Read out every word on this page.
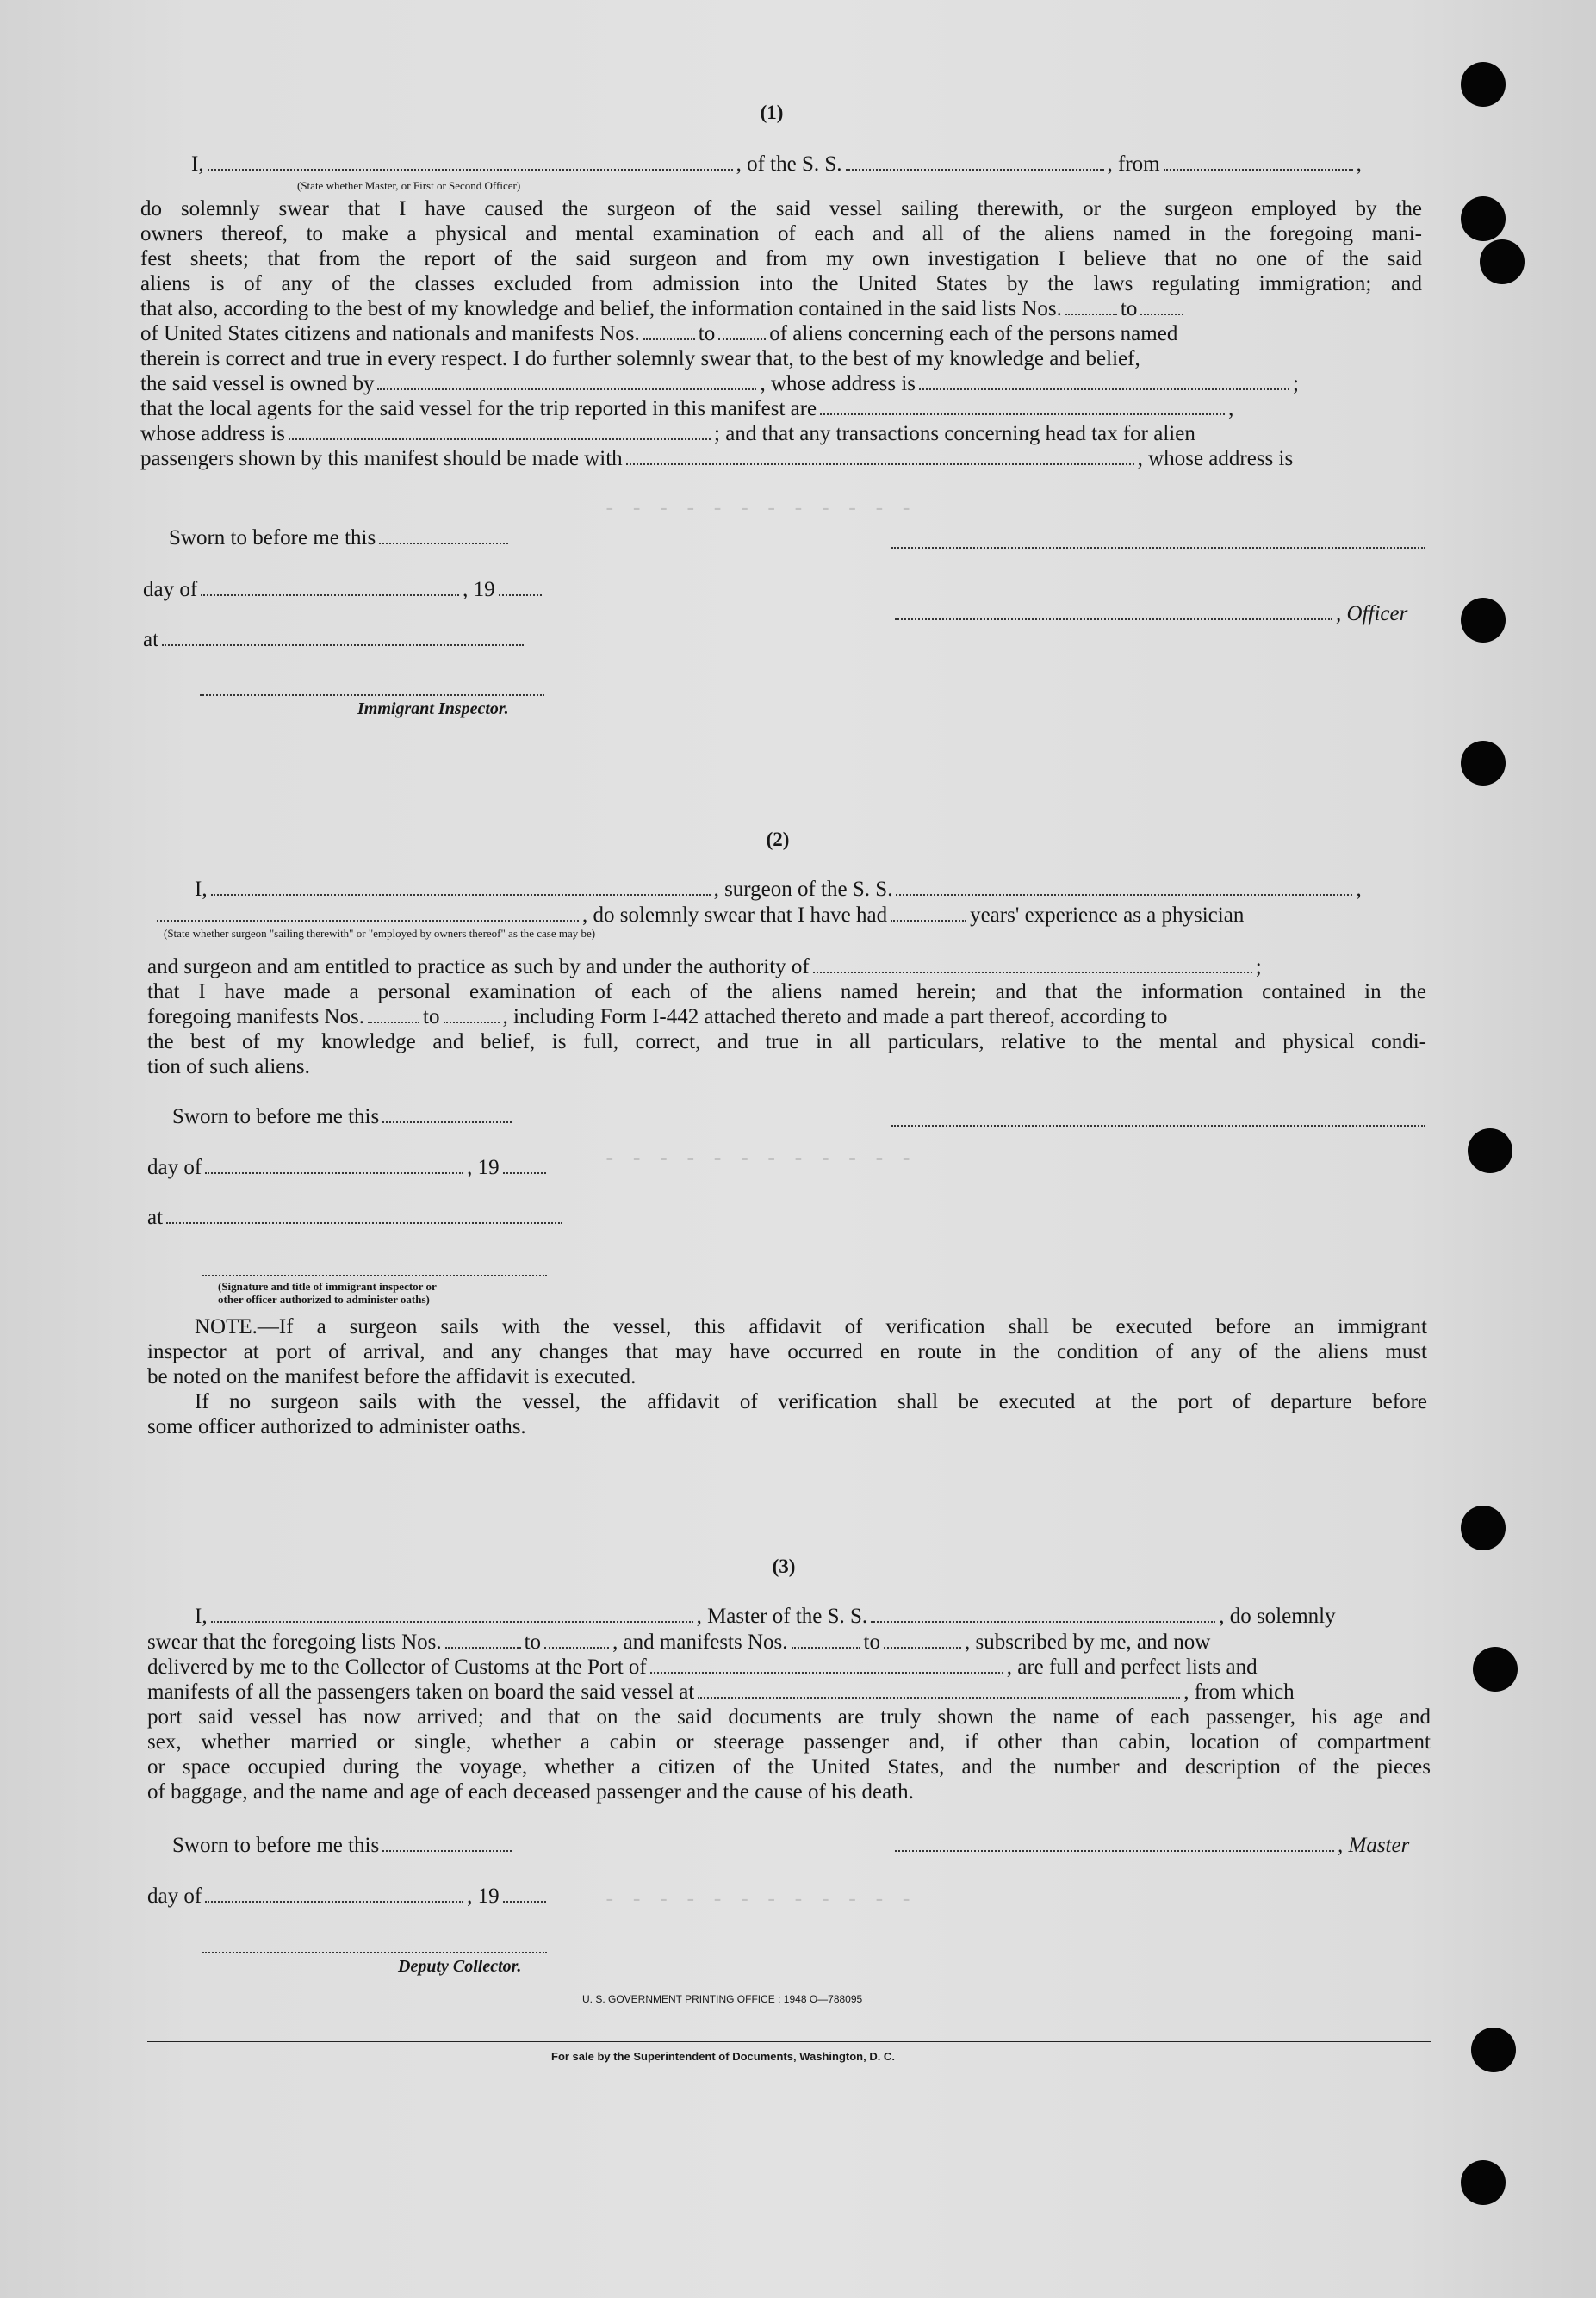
- - - - - - - - - - - -
- - - - - - - - - - - -
- - - - - - - - - - - -
(1)
I,	, of the S. S.	, from	,
(State whether Master, or First or Second Officer)
do solemnly swear that I have caused the surgeon of the said vessel sailing therewith, or the surgeon employed by the
owners thereof, to make a physical and mental examination of each and all of the aliens named in the foregoing mani-
fest sheets; that from the report of the said surgeon and from my own investigation I believe that no one of the said
aliens is of any of the classes excluded from admission into the United States by the laws regulating immigration; and
that also, according to the best of my knowledge and belief, the information contained in the said lists Nos.	to
of United States citizens and nationals and manifests Nos.	to	of aliens concerning each of the persons named
therein is correct and true in every respect. I do further solemnly swear that, to the best of my knowledge and belief,
the said vessel is owned by	, whose address is	;
that the local agents for the said vessel for the trip reported in this manifest are	,
whose address is	; and that any transactions concerning head tax for alien
passengers shown by this manifest should be made with	, whose address is
Sworn to before me this
day of	, 19
, Officer
at
Immigrant Inspector.
(2)
I,	, surgeon of the S. S.	,
, do solemnly swear that I have had	years' experience as a physician
(State whether surgeon "sailing therewith" or "employed by owners thereof" as the case may be)
and surgeon and am entitled to practice as such by and under the authority of	;
that I have made a personal examination of each of the aliens named herein; and that the information contained in the
foregoing manifests Nos.	to	, including Form I-442 attached thereto and made a part thereof, according to
the best of my knowledge and belief, is full, correct, and true in all particulars, relative to the mental and physical condi-
tion of such aliens.
Sworn to before me this
day of	, 19
at
(Signature and title of immigrant inspector or
other officer authorized to administer oaths)
NOTE.—If a surgeon sails with the vessel, this affidavit of verification shall be executed before an immigrant
inspector at port of arrival, and any changes that may have occurred en route in the condition of any of the aliens must
be noted on the manifest before the affidavit is executed.
If no surgeon sails with the vessel, the affidavit of verification shall be executed at the port of departure before
some officer authorized to administer oaths.
(3)
I,	, Master of the S. S.	, do solemnly
swear that the foregoing lists Nos.	to	, and manifests Nos.	to	, subscribed by me, and now
delivered by me to the Collector of Customs at the Port of	, are full and perfect lists and
manifests of all the passengers taken on board the said vessel at	, from which
port said vessel has now arrived; and that on the said documents are truly shown the name of each passenger, his age and
sex, whether married or single, whether a cabin or steerage passenger and, if other than cabin, location of compartment
or space occupied during the voyage, whether a citizen of the United States, and the number and description of the pieces
of baggage, and the name and age of each deceased passenger and the cause of his death.
Sworn to before me this	, Master
day of	, 19
Deputy Collector.
U. S. GOVERNMENT PRINTING OFFICE : 1948 O—788095
For sale by the Superintendent of Documents, Washington, D. C.
